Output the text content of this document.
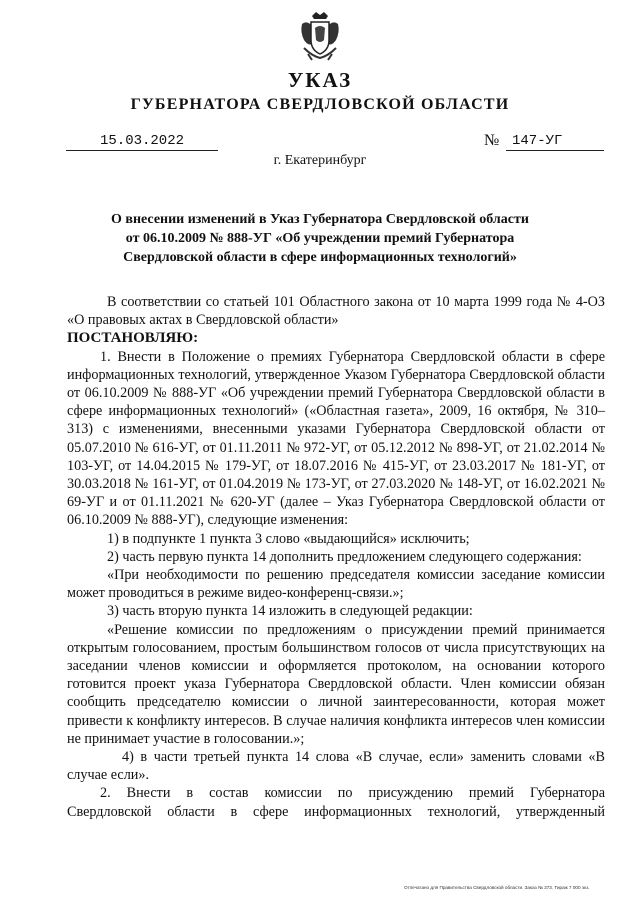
УКАЗ
ГУБЕРНАТОРА СВЕРДЛОВСКОЙ ОБЛАСТИ
15.03.2022	№ 147-УГ
г. Екатеринбург
О внесении изменений в Указ Губернатора Свердловской области
от 06.10.2009 № 888-УГ «Об учреждении премий Губернатора
Свердловской области в сфере информационных технологий»

В соответствии со статьей 101 Областного закона от 10 марта 1999 года № 4-ОЗ «О правовых актах в Свердловской области»

ПОСТАНОВЛЯЮ:

1. Внести в Положение о премиях Губернатора Свердловской области в сфере информационных технологий, утвержденное Указом Губернатора Свердловской области от 06.10.2009 № 888-УГ «Об учреждении премий Губернатора Свердловской области в сфере информационных технологий» («Областная газета», 2009, 16 октября, № 310–313) с изменениями, внесенными указами Губернатора Свердловской области от 05.07.2010 № 616-УГ, от 01.11.2011 № 972-УГ, от 05.12.2012 № 898-УГ, от 21.02.2014 № 103-УГ, от 14.04.2015 № 179-УГ, от 18.07.2016 № 415-УГ, от 23.03.2017 № 181-УГ, от 30.03.2018 № 161-УГ, от 01.04.2019 № 173-УГ, от 27.03.2020 № 148-УГ, от 16.02.2021 № 69-УГ и от 01.11.2021 № 620-УГ (далее – Указ Губернатора Свердловской области от 06.10.2009 № 888-УГ), следующие изменения:

1) в подпункте 1 пункта 3 слово «выдающийся» исключить;

2) часть первую пункта 14 дополнить предложением следующего содержания:

«При необходимости по решению председателя комиссии заседание комиссии может проводиться в режиме видео-конференц-связи.»;

3) часть вторую пункта 14 изложить в следующей редакции:

«Решение комиссии по предложениям о присуждении премий принимается открытым голосованием, простым большинством голосов от числа присутствующих на заседании членов комиссии и оформляется протоколом, на основании которого готовится проект указа Губернатора Свердловской области. Член комиссии обязан сообщить председателю комиссии о личной заинтересованности, которая может привести к конфликту интересов. В случае наличия конфликта интересов член комиссии не принимает участие в голосовании.»;

4) в части третьей пункта 14 слова «В случае, если» заменить словами «В случае если».

2. Внести в состав комиссии по присуждению премий Губернатора

Свердловской области в сфере информационных технологий, утвержденный

Отпечатано для Правительства Свердловской области. Заказ № 373. Тираж 7 000 экз.
